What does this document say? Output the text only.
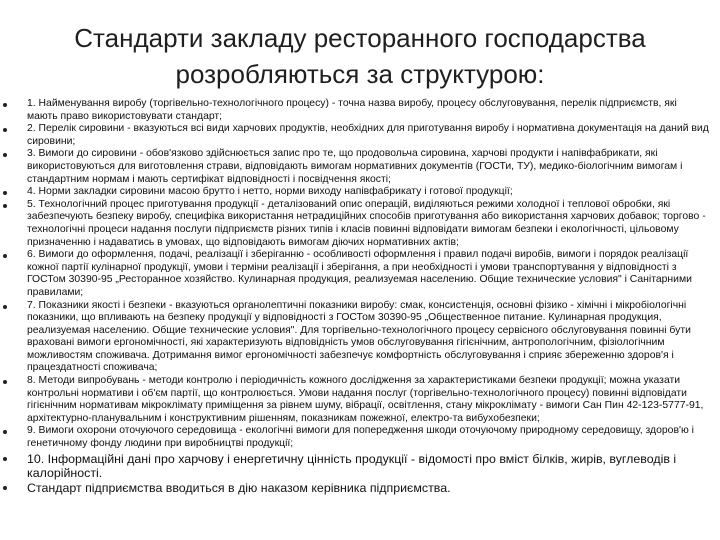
Стандарти закладу ресторанного господарства
розробляються за структурою:
1. Найменування виробу (торгівельно-технологічного процесу) - точна назва виробу, процесу обслуговування, перелік підприємств, які мають право використовувати стандарт;
2. Перелік сировини - вказуються всі види харчових продуктів, необхідних для приготування виробу і нормативна документація на даний вид сировини;
3. Вимоги до сировини - обов'язково здійснюється запис про те, що продовольча сировина, харчові продукти і напівфабрикати, які використовуються для виготовлення страви, відповідають вимогам нормативних документів (ГОСТи, ТУ), медико-біологічним вимогам і стандартним нормам і мають сертифікат відповідності і посвідчення якості;
4. Норми закладки сировини масою брутто і нетто, норми виходу напівфабрикату і готової продукції;
5. Технологічний процес приготування продукції - деталізований опис операцій, виділяються режими холодної і теплової обробки, які забезпечують безпеку виробу, специфіка використання нетрадиційних способів приготування або використання харчових добавок; торгово - технологічні процеси надання послуги підприємств різних типів і класів повинні відповідати вимогам безпеки і екологічності, цільовому призначенню і надаватись в умовах, що відповідають вимогам діючих нормативних актів;
6. Вимоги до оформлення, подачі, реалізації і зберіганню - особливості оформлення і правил подачі виробів, вимоги і порядок реалізації кожної партії кулінарної продукції, умови і терміни реалізації і зберігання, а при необхідності і умови транспортування у відповідності з ГОСТом 30390-95 „Ресторанное хозяйство. Кулинарная продукция, реализуемая населению. Общие технические условия" і Санітарними правилами;
7. Показники якості і безпеки - вказуються органолептичні показники виробу: смак, консистенція, основні фізико - хімічні і мікробіологічні показники, що впливають на безпеку продукції у відповідності з ГОСТом 30390-95 „Общественное питание. Кулинарная продукция, реализуемая населению. Общие технические условия". Для торгівельно-технологічного процесу сервісного обслуговування повинні бути враховані вимоги ергономічності, які характеризують відповідність умов обслуговування гігієнічним, антропологічним, фізіологічним можливостям споживача. Дотримання вимог ергономічності забезпечує комфортність обслуговування і сприяє збереженню здоров'я і працездатності споживача;
8. Методи випробувань - методи контролю і періодичність кожного дослідження за характеристиками безпеки продукції; можна указати контрольні нормативи і об'єм партії, що контролюється. Умови надання послуг (торгівельно-технологічного процесу) повинні відповідати гігієнічним нормативам мікроклімату приміщення за рівнем шуму, вібрації, освітлення, стану мікроклімату - вимоги Сан Пин 42-123-5777-91, архітектурно-планувальним і конструктивним рішенням, показникам пожежної, електро-та вибухобезпеки;
9. Вимоги охорони оточуючого середовища - екологічні вимоги для попередження шкоди оточуючому природному середовищу, здоров'ю і генетичному фонду людини при виробництві продукції;
10. Інформаційні дані про харчову і енергетичну цінність продукції - відомості про вміст білків, жирів, вуглеводів і калорійності.
Стандарт підприємства вводиться в дію наказом керівника підприємства.
